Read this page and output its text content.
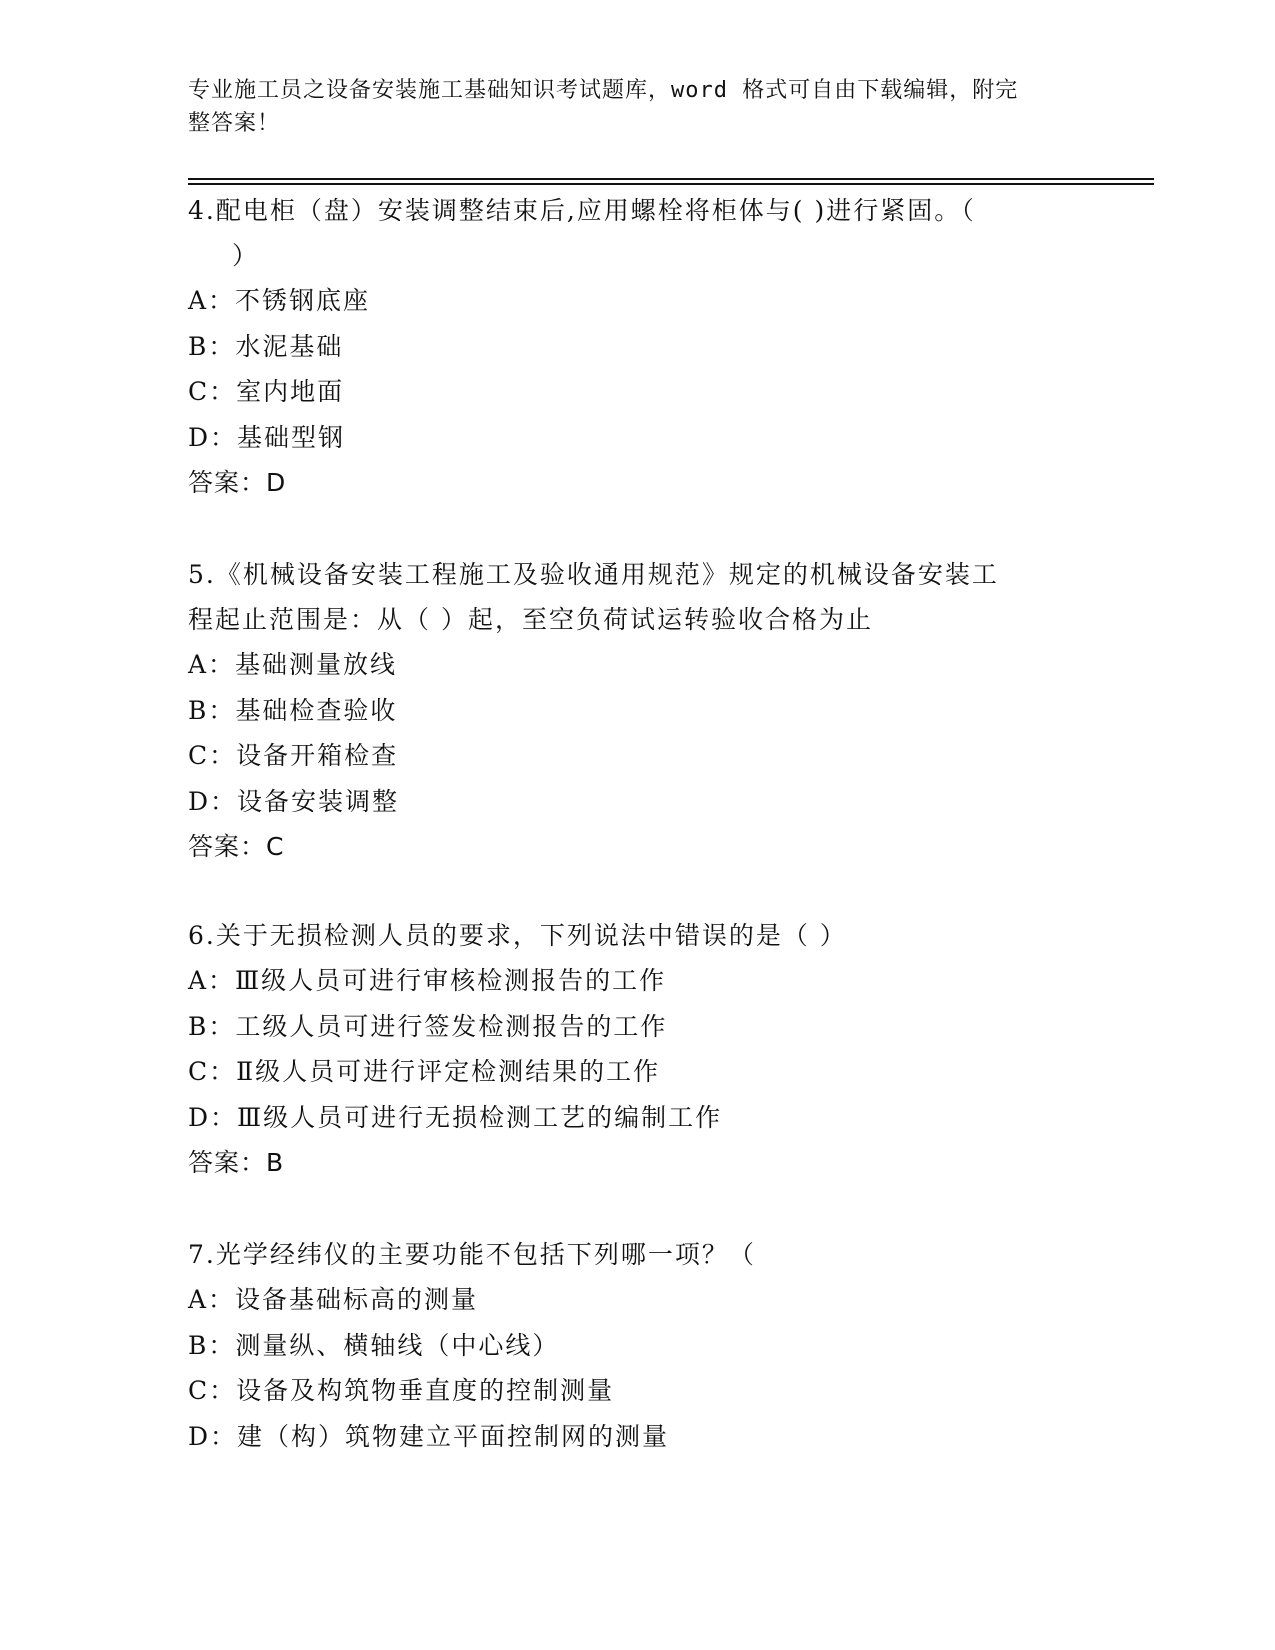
专业施工员之设备安装施工基础知识考试题库，word 格式可自由下载编辑，附完
整答案！

4.配电柜（盘）安装调整结束后,应用螺栓将柜体与( )进行紧固。（

）

A：不锈钢底座

B：水泥基础

C：室内地面

D：基础型钢

答案：D

5.《机械设备安装工程施工及验收通用规范》规定的机械设备安装工

程起止范围是：从（ ）起，至空负荷试运转验收合格为止

A：基础测量放线

B：基础检查验收

C：设备开箱检查

D：设备安装调整

答案：C

6.关于无损检测人员的要求，下列说法中错误的是（ ）

A：Ⅲ级人员可进行审核检测报告的工作

B：工级人员可进行签发检测报告的工作

C：Ⅱ级人员可进行评定检测结果的工作

D：Ⅲ级人员可进行无损检测工艺的编制工作

答案：B

7.光学经纬仪的主要功能不包括下列哪一项？（

A：设备基础标高的测量

B：测量纵、横轴线（中心线）

C：设备及构筑物垂直度的控制测量

D：建（构）筑物建立平面控制网的测量
